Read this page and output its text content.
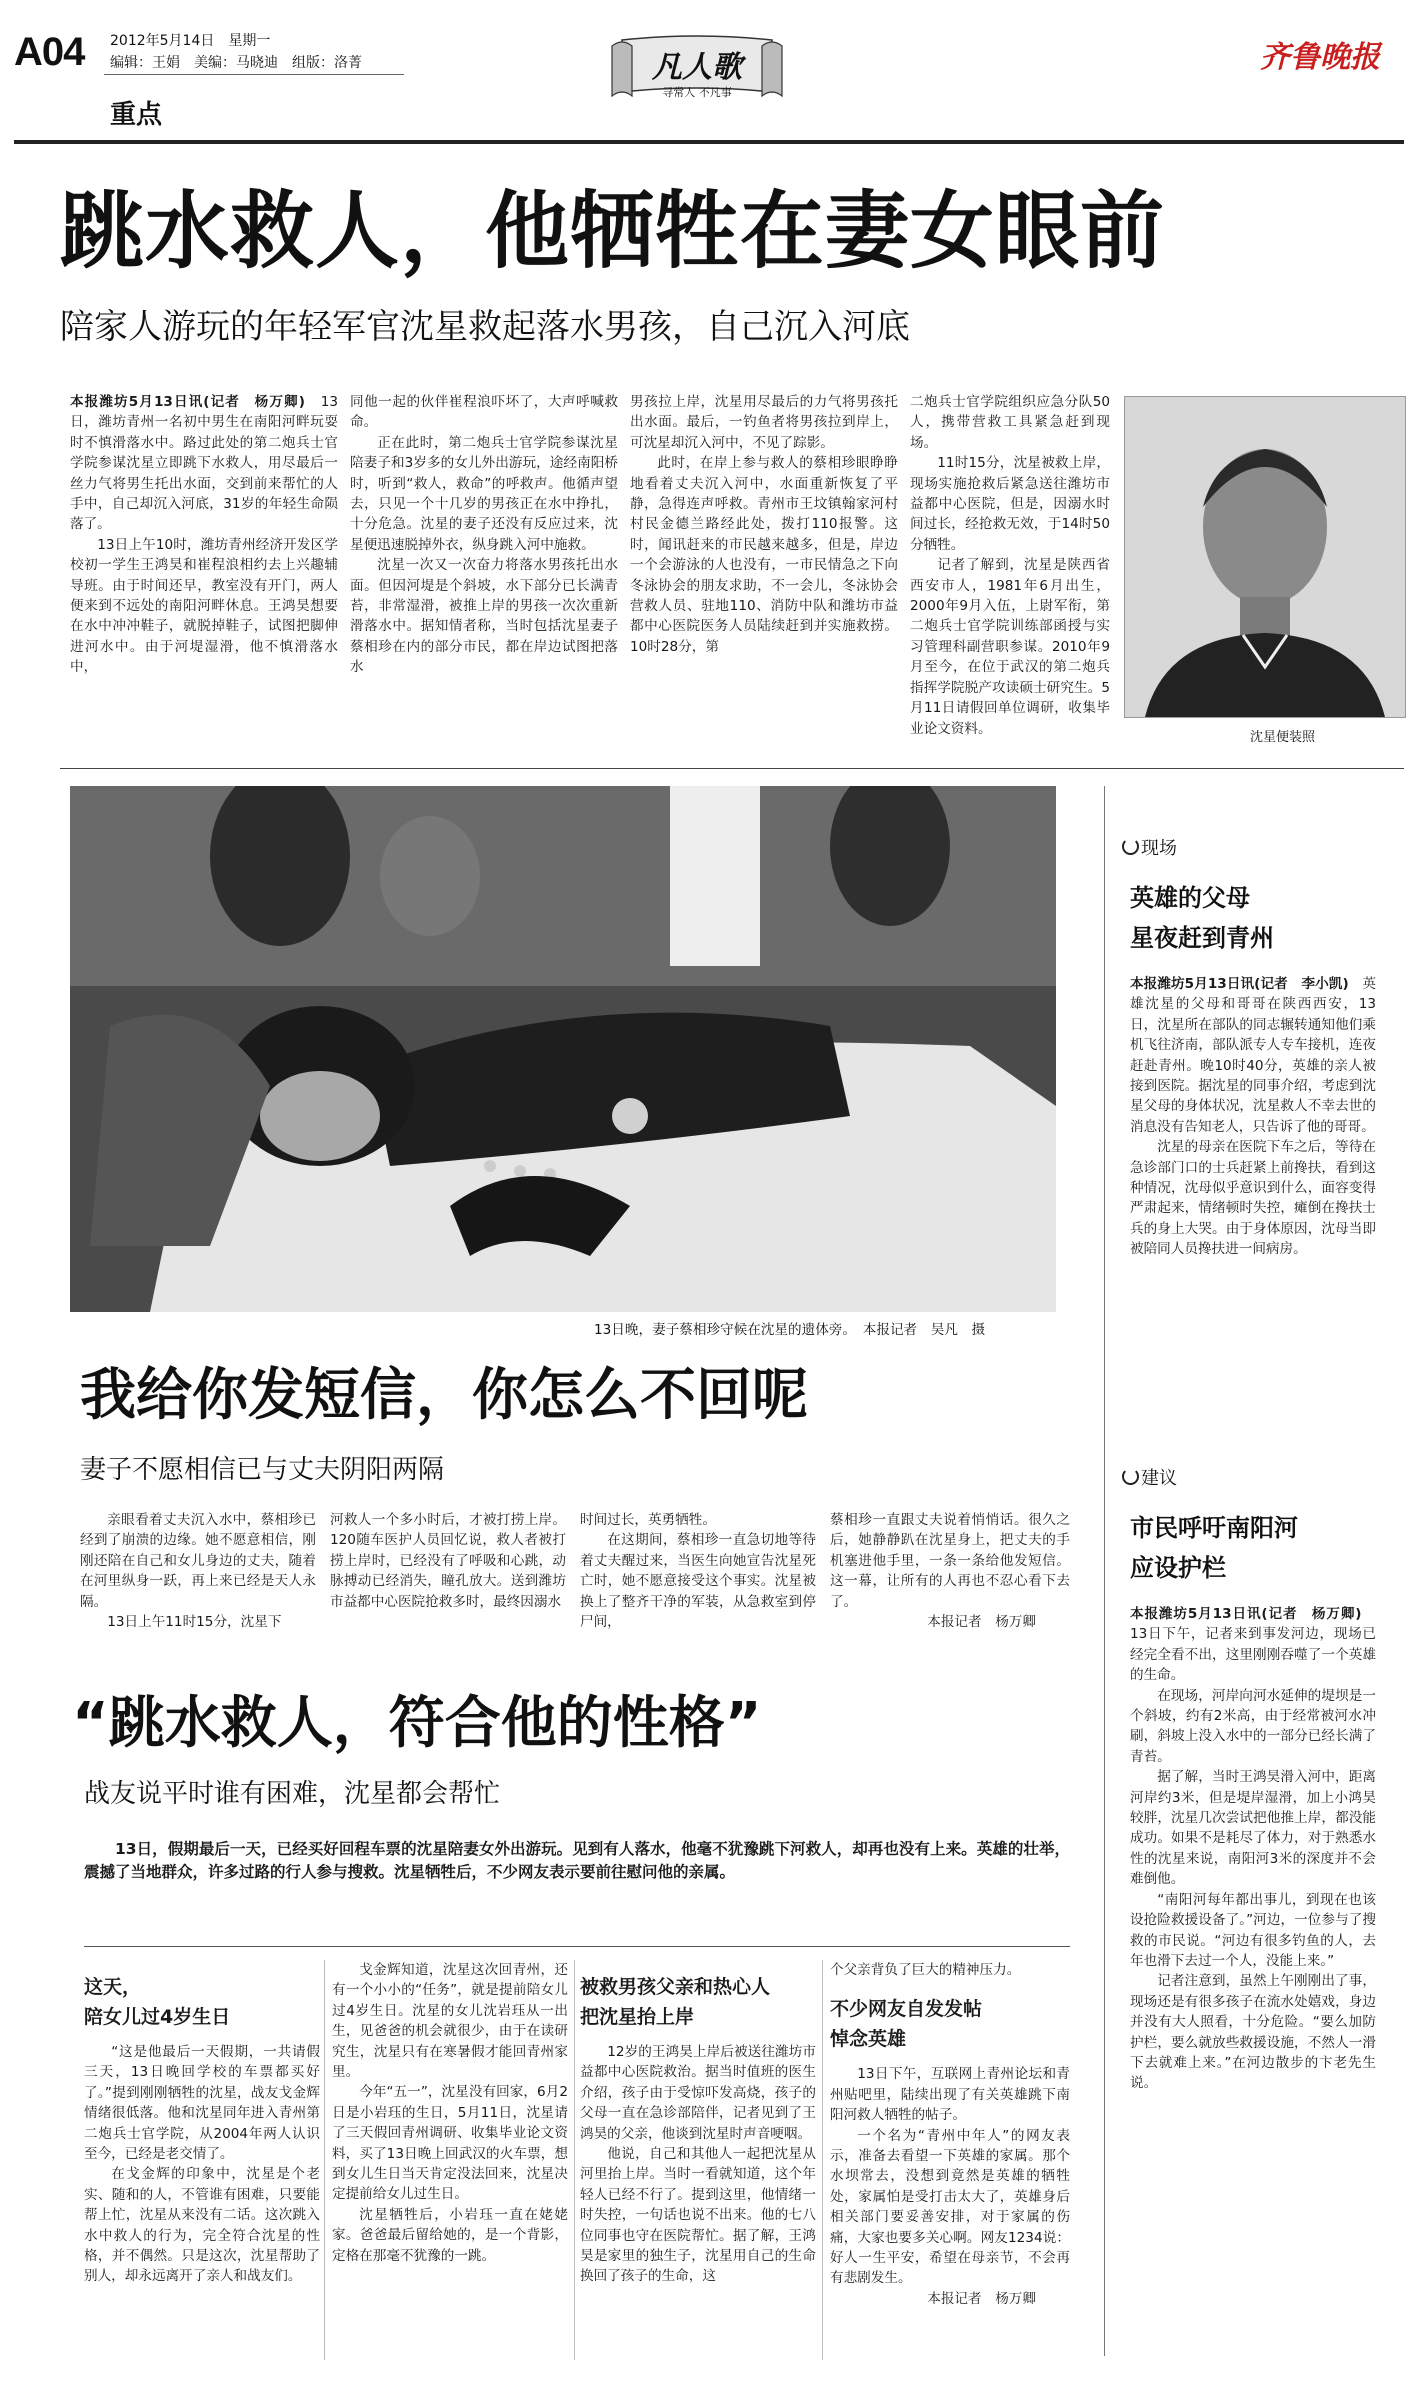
A04 2012年5月14日　星期一
编辑：王娟　美编：马晓迪　组版：洛菁
重点
凡人歌
寻常人 不凡事
齐鲁晚报
跳水救人，他牺牲在妻女眼前
陪家人游玩的年轻军官沈星救起落水男孩，自己沉入河底

本报潍坊5月13日讯(记者　杨万卿)　13日，潍坊青州一名初中男生在南阳河畔玩耍时不慎滑落水中。路过此处的第二炮兵士官学院参谋沈星立即跳下水救人，用尽最后一丝力气将男生托出水面，交到前来帮忙的人手中，自己却沉入河底，31岁的年轻生命陨落了。

13日上午10时，潍坊青州经济开发区学校初一学生王鸿昊和崔程浪相约去上兴趣辅导班。由于时间还早，教室没有开门，两人便来到不远处的南阳河畔休息。王鸿昊想要在水中冲冲鞋子，就脱掉鞋子，试图把脚伸进河水中。由于河堤湿滑，他不慎滑落水中，

同他一起的伙伴崔程浪吓坏了，大声呼喊救命。

正在此时，第二炮兵士官学院参谋沈星陪妻子和3岁多的女儿外出游玩，途经南阳桥时，听到“救人，救命”的呼救声。他循声望去，只见一个十几岁的男孩正在水中挣扎，十分危急。沈星的妻子还没有反应过来，沈星便迅速脱掉外衣，纵身跳入河中施救。

沈星一次又一次奋力将落水男孩托出水面。但因河堤是个斜坡，水下部分已长满青苔，非常湿滑，被推上岸的男孩一次次重新滑落水中。据知情者称，当时包括沈星妻子蔡相珍在内的部分市民，都在岸边试图把落水

男孩拉上岸，沈星用尽最后的力气将男孩托出水面。最后，一钓鱼者将男孩拉到岸上，可沈星却沉入河中，不见了踪影。

此时，在岸上参与救人的蔡相珍眼睁睁地看着丈夫沉入河中，水面重新恢复了平静，急得连声呼救。青州市王坟镇翰家河村村民金德兰路经此处，拨打110报警。这时，闻讯赶来的市民越来越多，但是，岸边一个会游泳的人也没有，一市民情急之下向冬泳协会的朋友求助，不一会儿，冬泳协会营救人员、驻地110、消防中队和潍坊市益都中心医院医务人员陆续赶到并实施救捞。10时28分，第

二炮兵士官学院组织应急分队50人，携带营救工具紧急赶到现场。

11时15分，沈星被救上岸，现场实施抢救后紧急送往潍坊市益都中心医院，但是，因溺水时间过长，经抢救无效，于14时50分牺牲。

记者了解到，沈星是陕西省西安市人，1981年6月出生，2000年9月入伍，上尉军衔，第二炮兵士官学院训练部函授与实习管理科副营职参谋。2010年9月至今，在位于武汉的第二炮兵指挥学院脱产攻读硕士研究生。5月11日请假回单位调研，收集毕业论文资料。

沈星便装照
13日晚，妻子蔡相珍守候在沈星的遗体旁。　本报记者　吴凡　摄
现场
英雄的父母
星夜赶到青州

本报潍坊5月13日讯(记者　李小凯)　英雄沈星的父母和哥哥在陕西西安，13日，沈星所在部队的同志辗转通知他们乘机飞往济南，部队派专人专车接机，连夜赶赴青州。晚10时40分，英雄的亲人被接到医院。据沈星的同事介绍，考虑到沈星父母的身体状况，沈星救人不幸去世的消息没有告知老人，只告诉了他的哥哥。

沈星的母亲在医院下车之后，等待在急诊部门口的士兵赶紧上前搀扶，看到这种情况，沈母似乎意识到什么，面容变得严肃起来，情绪顿时失控，瘫倒在搀扶士兵的身上大哭。由于身体原因，沈母当即被陪同人员搀扶进一间病房。

建议
市民呼吁南阳河
应设护栏

本报潍坊5月13日讯(记者　杨万卿)　13日下午，记者来到事发河边，现场已经完全看不出，这里刚刚吞噬了一个英雄的生命。

在现场，河岸向河水延伸的堤坝是一个斜坡，约有2米高，由于经常被河水冲刷，斜坡上没入水中的一部分已经长满了青苔。

据了解，当时王鸿昊滑入河中，距离河岸约3米，但是堤岸湿滑，加上小鸿昊较胖，沈星几次尝试把他推上岸，都没能成功。如果不是耗尽了体力，对于熟悉水性的沈星来说，南阳河3米的深度并不会难倒他。

“南阳河每年都出事儿，到现在也该设抢险救援设备了。”河边，一位参与了搜救的市民说。“河边有很多钓鱼的人，去年也滑下去过一个人，没能上来。”

记者注意到，虽然上午刚刚出了事，现场还是有很多孩子在流水处嬉戏，身边并没有大人照看，十分危险。“要么加防护栏，要么就放些救援设施，不然人一滑下去就难上来。”在河边散步的卞老先生说。

我给你发短信，你怎么不回呢
妻子不愿相信已与丈夫阴阳两隔

亲眼看着丈夫沉入水中，蔡相珍已经到了崩溃的边缘。她不愿意相信，刚刚还陪在自己和女儿身边的丈夫，随着在河里纵身一跃，再上来已经是天人永隔。

13日上午11时15分，沈星下

河救人一个多小时后，才被打捞上岸。120随车医护人员回忆说，救人者被打捞上岸时，已经没有了呼吸和心跳，动脉搏动已经消失，瞳孔放大。送到潍坊市益都中心医院抢救多时，最终因溺水

时间过长，英勇牺牲。

在这期间，蔡相珍一直急切地等待着丈夫醒过来，当医生向她宣告沈星死亡时，她不愿意接受这个事实。沈星被换上了整齐干净的军装，从急救室到停尸间，

蔡相珍一直跟丈夫说着悄悄话。很久之后，她静静趴在沈星身上，把丈夫的手机塞进他手里，一条一条给他发短信。这一幕，让所有的人再也不忍心看下去了。

本报记者　杨万卿

“跳水救人，符合他的性格”
战友说平时谁有困难，沈星都会帮忙

13日，假期最后一天，已经买好回程车票的沈星陪妻女外出游玩。见到有人落水，他毫不犹豫跳下河救人，却再也没有上来。英雄的壮举，震撼了当地群众，许多过路的行人参与搜救。沈星牺牲后，不少网友表示要前往慰问他的亲属。

这天，
陪女儿过4岁生日

“这是他最后一天假期，一共请假三天，13日晚回学校的车票都买好了。”提到刚刚牺牲的沈星，战友戈金辉情绪很低落。他和沈星同年进入青州第二炮兵士官学院，从2004年两人认识至今，已经是老交情了。

在戈金辉的印象中，沈星是个老实、随和的人，不管谁有困难，只要能帮上忙，沈星从来没有二话。这次跳入水中救人的行为，完全符合沈星的性格，并不偶然。只是这次，沈星帮助了别人，却永远离开了亲人和战友们。

戈金辉知道，沈星这次回青州，还有一个小小的“任务”，就是提前陪女儿过4岁生日。沈星的女儿沈岩珏从一出生，见爸爸的机会就很少，由于在读研究生，沈星只有在寒暑假才能回青州家里。

今年“五一”，沈星没有回家，6月2日是小岩珏的生日，5月11日，沈星请了三天假回青州调研、收集毕业论文资料，买了13日晚上回武汉的火车票，想到女儿生日当天肯定没法回来，沈星决定提前给女儿过生日。

沈星牺牲后，小岩珏一直在姥姥家。爸爸最后留给她的，是一个背影，定格在那毫不犹豫的一跳。

被救男孩父亲和热心人
把沈星抬上岸

12岁的王鸿昊上岸后被送往潍坊市益都中心医院救治。据当时值班的医生介绍，孩子由于受惊吓发高烧，孩子的父母一直在急诊部陪伴，记者见到了王鸿昊的父亲，他谈到沈星时声音哽咽。

他说，自己和其他人一起把沈星从河里抬上岸。当时一看就知道，这个年轻人已经不行了。提到这里，他情绪一时失控，一句话也说不出来。他的七八位同事也守在医院帮忙。据了解，王鸿昊是家里的独生子，沈星用自己的生命换回了孩子的生命，这

个父亲背负了巨大的精神压力。

不少网友自发发帖
悼念英雄

13日下午，互联网上青州论坛和青州贴吧里，陆续出现了有关英雄跳下南阳河救人牺牲的帖子。

一个名为“青州中年人”的网友表示，准备去看望一下英雄的家属。那个水坝常去，没想到竟然是英雄的牺牲处，家属怕是受打击太大了，英雄身后相关部门要妥善安排，对于家属的伤痛，大家也要多关心啊。网友1234说：好人一生平安，希望在母亲节，不会再有悲剧发生。

本报记者　杨万卿
